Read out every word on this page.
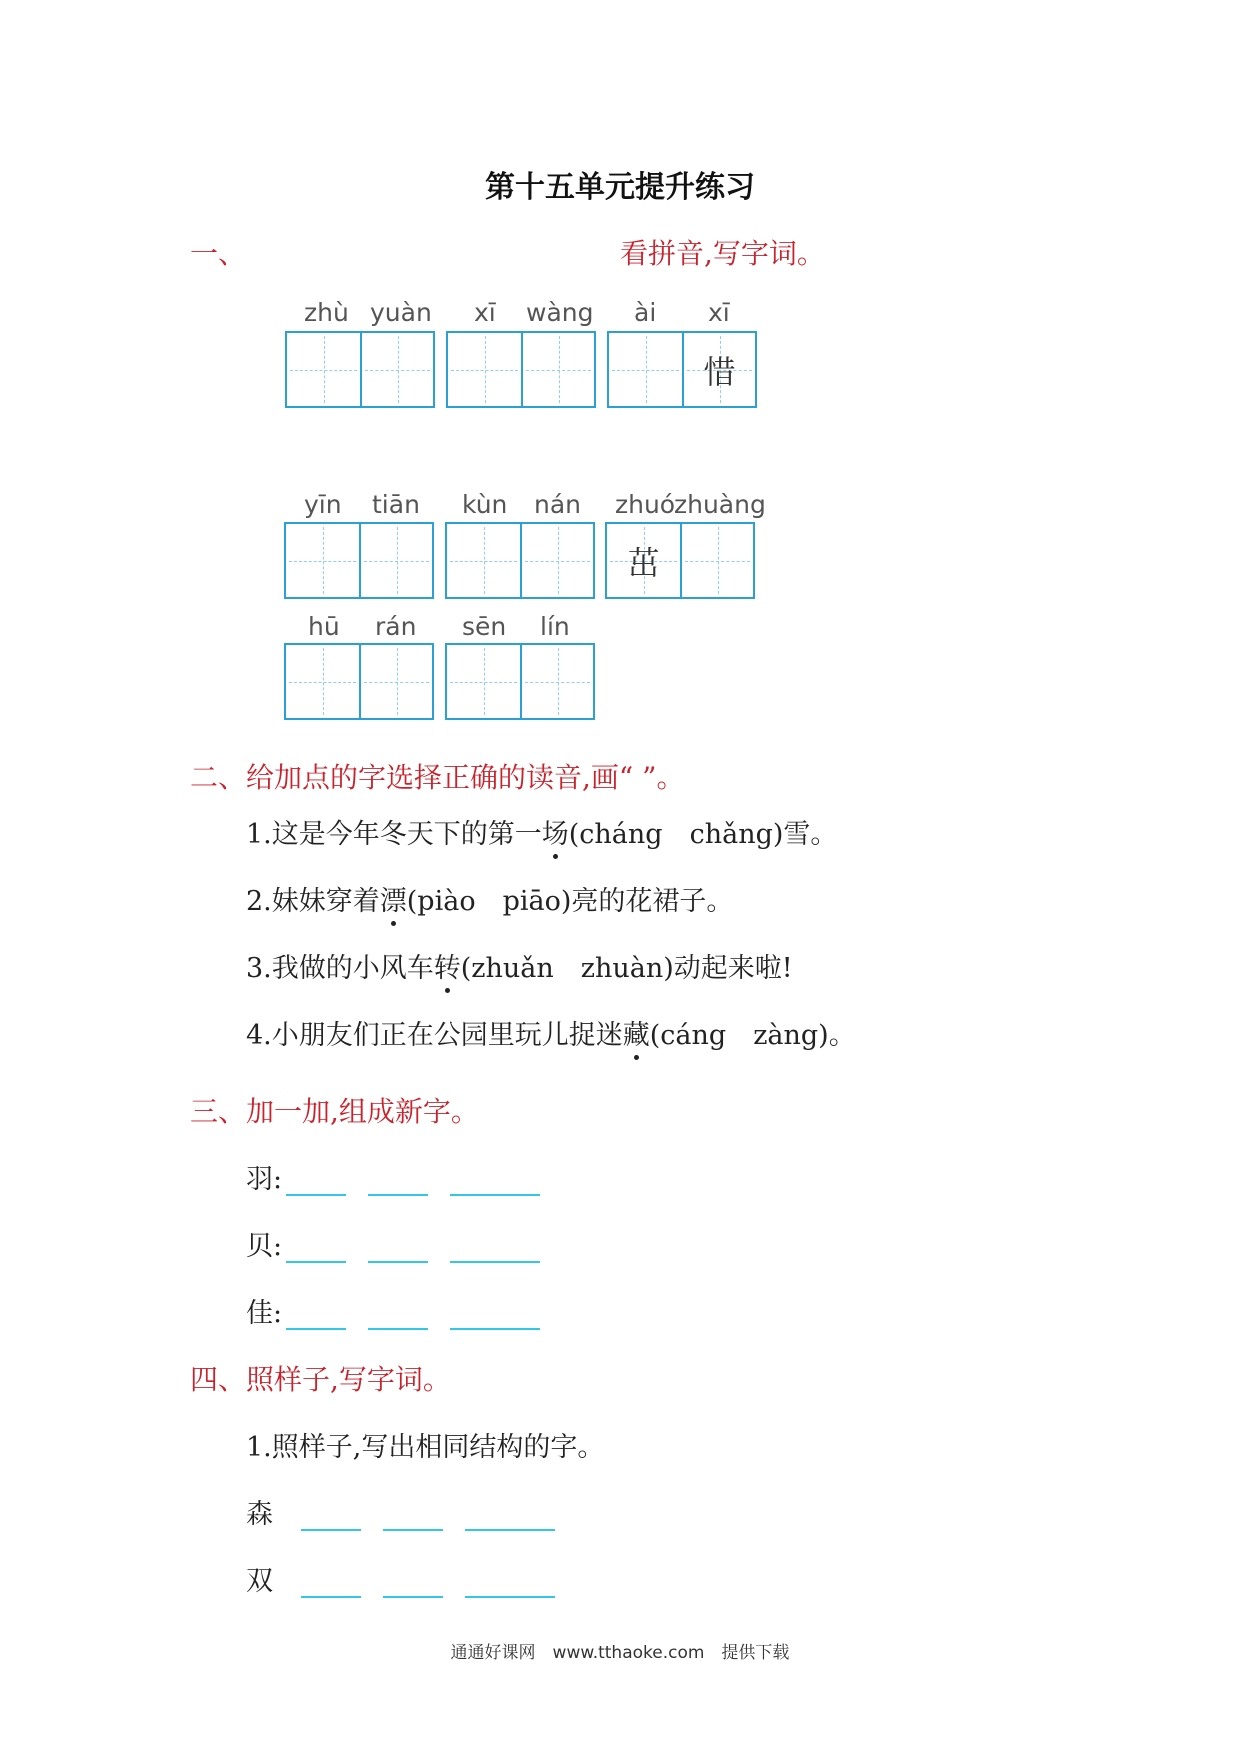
第十五单元提升练习
一、	看拼音,写字词。
zhù yuàn xī wàng ài xī
惜
yīn tiān kùn nán zhuó
zhuàng
茁
hū rán sēn lín
二、给加点的字选择正确的读音,画“ ”。
1.这是今年冬天下的第一场(cháng　chǎng)雪。
2.妹妹穿着漂(piào　piāo)亮的花裙子。
3.我做的小风车转(zhuǎn　zhuàn)动起来啦!
4.小朋友们正在公园里玩儿捉迷藏(cáng　zàng)。
三、加一加,组成新字。
羽:
贝:
佳:
四、照样子,写字词。
1.照样子,写出相同结构的字。
森
双
通通好课网　www.tthaoke.com　提供下载
